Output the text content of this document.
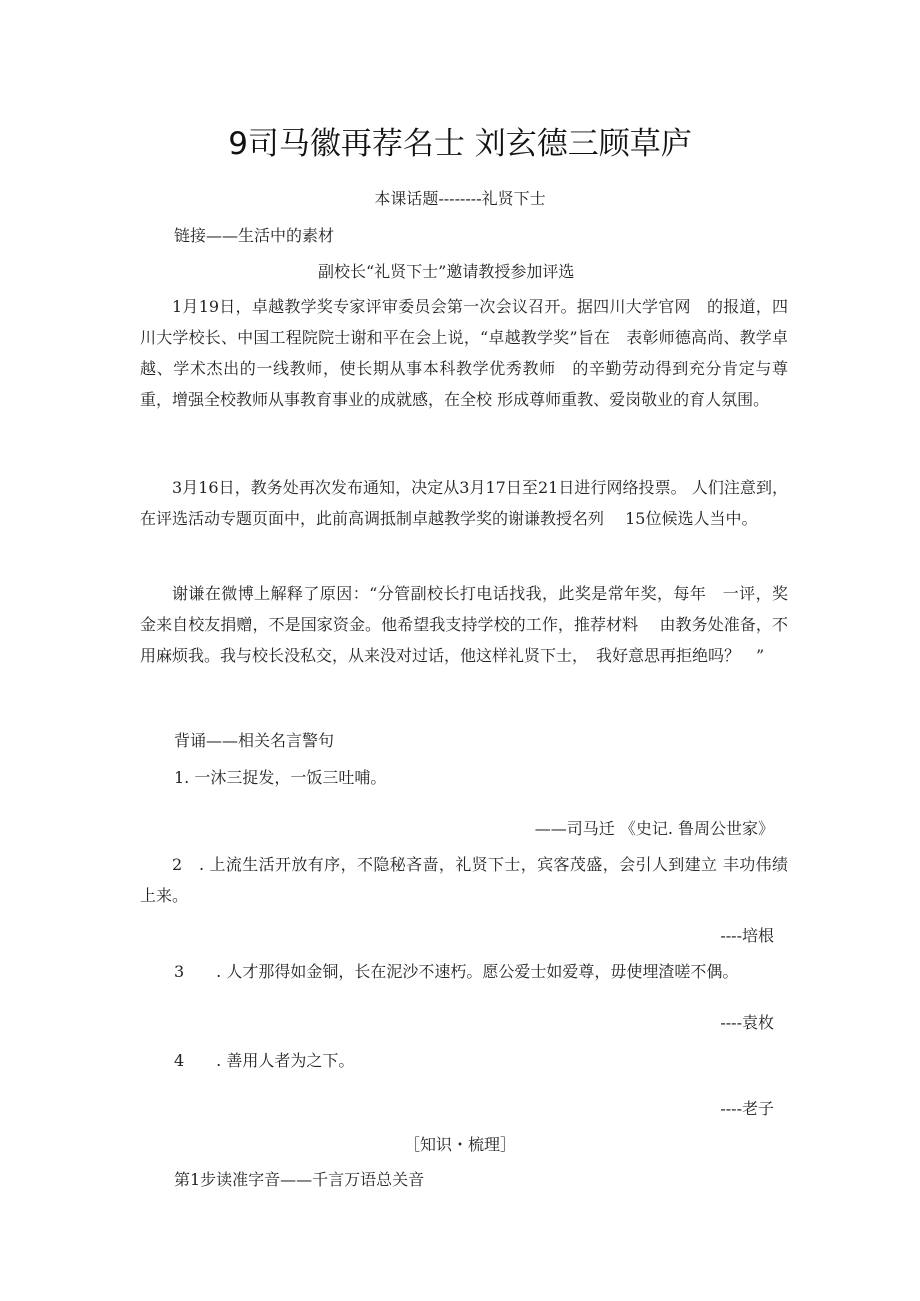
9司马徽再荐名士 刘玄德三顾草庐
本课话题--------礼贤下士
链接——生活中的素材
副校长“礼贤下士”邀请教授参加评选
1月19日，卓越教学奖专家评审委员会第一次会议召开。据四川大学官网　的报道，四川大学校长、中国工程院院士谢和平在会上说，“卓越教学奖”旨在　表彰师德高尚、教学卓越、学术杰出的一线教师，使长期从事本科教学优秀教师　的辛勤劳动得到充分肯定与尊重，增强全校教师从事教育事业的成就感，在全校 形成尊师重教、爱岗敬业的育人氛围。
3月16日，教务处再次发布通知，决定从3月17日至21日进行网络投票。 人们注意到，在评选活动专题页面中，此前高调抵制卓越教学奖的谢谦教授名列　 15位候选人当中。
谢谦在微博上解释了原因：“分管副校长打电话找我，此奖是常年奖，每年　一评，奖金来自校友捐赠，不是国家资金。他希望我支持学校的工作，推荐材料　 由教务处准备，不用麻烦我。我与校长没私交，从来没对过话，他这样礼贤下士，　我好意思再拒绝吗？　”
背诵——相关名言警句
1. 一沐三捉发，一饭三吐哺。
——司马迁 《史记. 鲁周公世家》
2　. 上流生活开放有序，不隐秘吝啬，礼贤下士，宾客茂盛，会引人到建立 丰功伟绩上来。
----培根
3　　. 人才那得如金铜，长在泥沙不速朽。愿公爱士如爱尊，毋使埋渣嗟不偶。
----袁枚
4　　. 善用人者为之下。
----老子
［知识・梳理］
第1步读准字音——千言万语总关音
